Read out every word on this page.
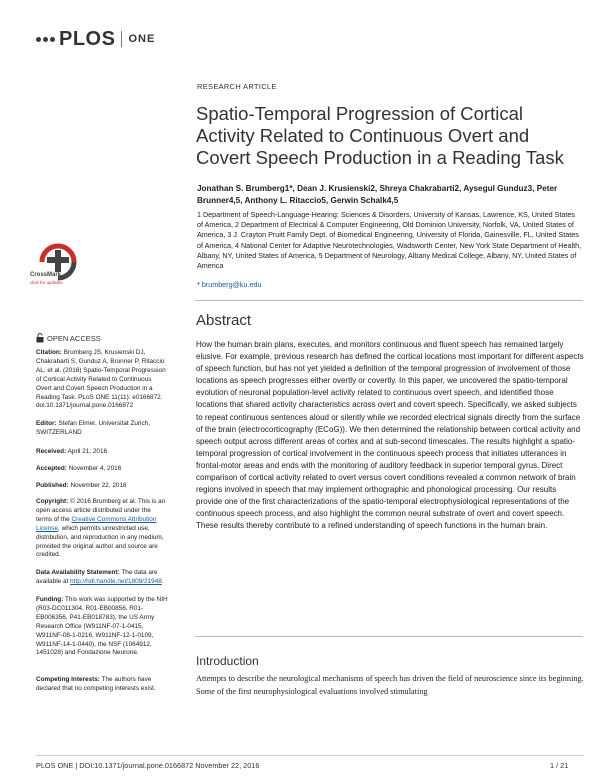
PLOS ONE
RESEARCH ARTICLE
Spatio-Temporal Progression of Cortical Activity Related to Continuous Overt and Covert Speech Production in a Reading Task
Jonathan S. Brumberg1*, Dean J. Krusienski2, Shreya Chakrabarti2, Aysegul Gunduz3, Peter Brunner4,5, Anthony L. Ritaccio5, Gerwin Schalk4,5
1 Department of Speech-Language-Hearing: Sciences & Disorders, University of Kansas, Lawrence, KS, United States of America, 2 Department of Electrical & Computer Engineering, Old Dominion University, Norfolk, VA, United States of America, 3 J. Crayton Pruitt Family Dept. of Biomedical Engineering, University of Florida, Gainesville, FL, United States of America, 4 National Center for Adaptive Neurotechnologies, Wadsworth Center, New York State Department of Health, Albany, NY, United States of America, 5 Department of Neurology, Albany Medical College, Albany, NY, United States of America
* brumberg@ku.edu
CrossMark
click for updates
Abstract
How the human brain plans, executes, and monitors continuous and fluent speech has remained largely elusive. For example, previous research has defined the cortical locations most important for different aspects of speech function, but has not yet yielded a definition of the temporal progression of involvement of those locations as speech progresses either overtly or covertly. In this paper, we uncovered the spatio-temporal evolution of neuronal population-level activity related to continuous overt speech, and identified those locations that shared activity characteristics across overt and covert speech. Specifically, we asked subjects to repeat continuous sentences aloud or silently while we recorded electrical signals directly from the surface of the brain (electrocorticography (ECoG)). We then determined the relationship between cortical activity and speech output across different areas of cortex and at sub-second timescales. The results highlight a spatio-temporal progression of cortical involvement in the continuous speech process that initiates utterances in frontal-motor areas and ends with the monitoring of auditory feedback in superior temporal gyrus. Direct comparison of cortical activity related to overt versus covert conditions revealed a common network of brain regions involved in speech that may implement orthographic and phonological processing. Our results provide one of the first characterizations of the spatio-temporal electrophysiological representations of the continuous speech process, and also highlight the common neural substrate of overt and covert speech. These results thereby contribute to a refined understanding of speech functions in the human brain.
OPEN ACCESS
Citation: Brumberg JS, Krusienski DJ, Chakrabarti S, Gunduz A, Brunner P, Ritaccio AL, et al. (2016) Spatio-Temporal Progression of Cortical Activity Related to Continuous Overt and Covert Speech Production in a Reading Task. PLoS ONE 11(11): e0166872. doi:10.1371/journal.pone.0166872
Editor: Stefan Elmer, Universitat Zurich, SWITZERLAND
Received: April 21, 2016
Accepted: November 4, 2016
Published: November 22, 2016
Copyright: © 2016 Brumberg et al. This is an open access article distributed under the terms of the Creative Commons Attribution License, which permits unrestricted use, distribution, and reproduction in any medium, provided the original author and source are credited.
Data Availability Statement: The data are available at http://hdl.handle.net/1808/21948.
Funding: This work was supported by the NIH (R03-DC011304, R01-EB00856, R01-EB006356, P41-EB018783), the US Army Research Office (W911NF-07-1-0415, W911NF-08-1-0216, W911NF-12-1-0109, W911NF-14-1-0440), the NSF (1064912, 1451028) and Fondazione Neurone.
Competing Interests: The authors have declared that no competing interests exist.
Introduction
Attempts to describe the neurological mechanisms of speech has driven the field of neuroscience since its beginning. Some of the first neurophysiological evaluations involved stimulating
PLOS ONE | DOI:10.1371/journal.pone.0166872 November 22, 2016	1 / 21
